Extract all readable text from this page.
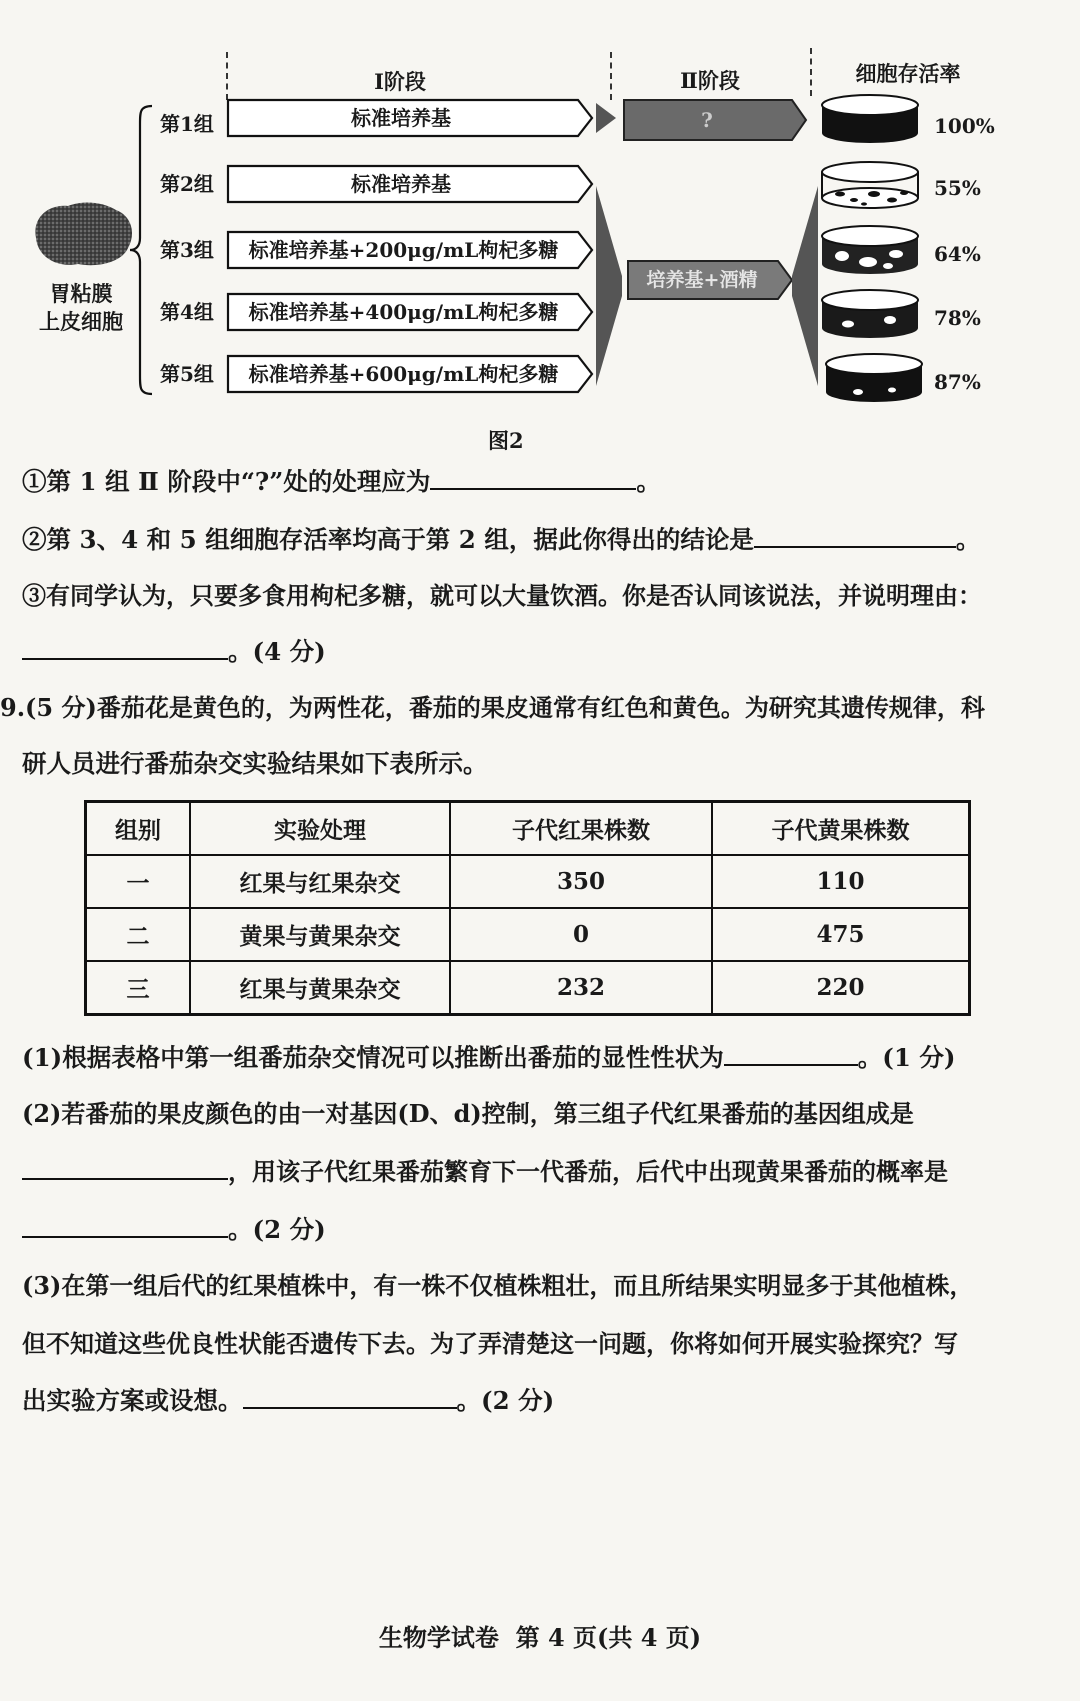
Ⅰ阶段	Ⅱ阶段	细胞存活率
胃粘膜
上皮细胞
第1组
第2组
第3组
第4组
第5组
标准培养基
标准培养基
标准培养基+200μg/mL枸杞多糖
标准培养基+400μg/mL枸杞多糖
标准培养基+600μg/mL枸杞多糖
?
培养基+酒精
100%
55%
64%
78%
87%
图2
①第 1 组 Ⅱ 阶段中“?”处的处理应为	。
②第 3、4 和 5 组细胞存活率均高于第 2 组，据此你得出的结论是	。
③有同学认为，只要多食用枸杞多糖，就可以大量饮酒。你是否认同该说法，并说明理由：
。(4 分)
9.(5 分)番茄花是黄色的，为两性花，番茄的果皮通常有红色和黄色。为研究其遗传规律，科
研人员进行番茄杂交实验结果如下表所示。
组别	实验处理	子代红果株数	子代黄果株数
一	红果与红果杂交	350	110
二	黄果与黄果杂交	0	475
三	红果与黄果杂交	232	220
(1)根据表格中第一组番茄杂交情况可以推断出番茄的显性性状为	。(1 分)
(2)若番茄的果皮颜色的由一对基因(D、d)控制，第三组子代红果番茄的基因组成是
，用该子代红果番茄繁育下一代番茄，后代中出现黄果番茄的概率是
。(2 分)
(3)在第一组后代的红果植株中，有一株不仅植株粗壮，而且所结果实明显多于其他植株，
但不知道这些优良性状能否遗传下去。为了弄清楚这一问题，你将如何开展实验探究？写
出实验方案或设想。	。(2 分)
生物学试卷  第 4 页(共 4 页)
